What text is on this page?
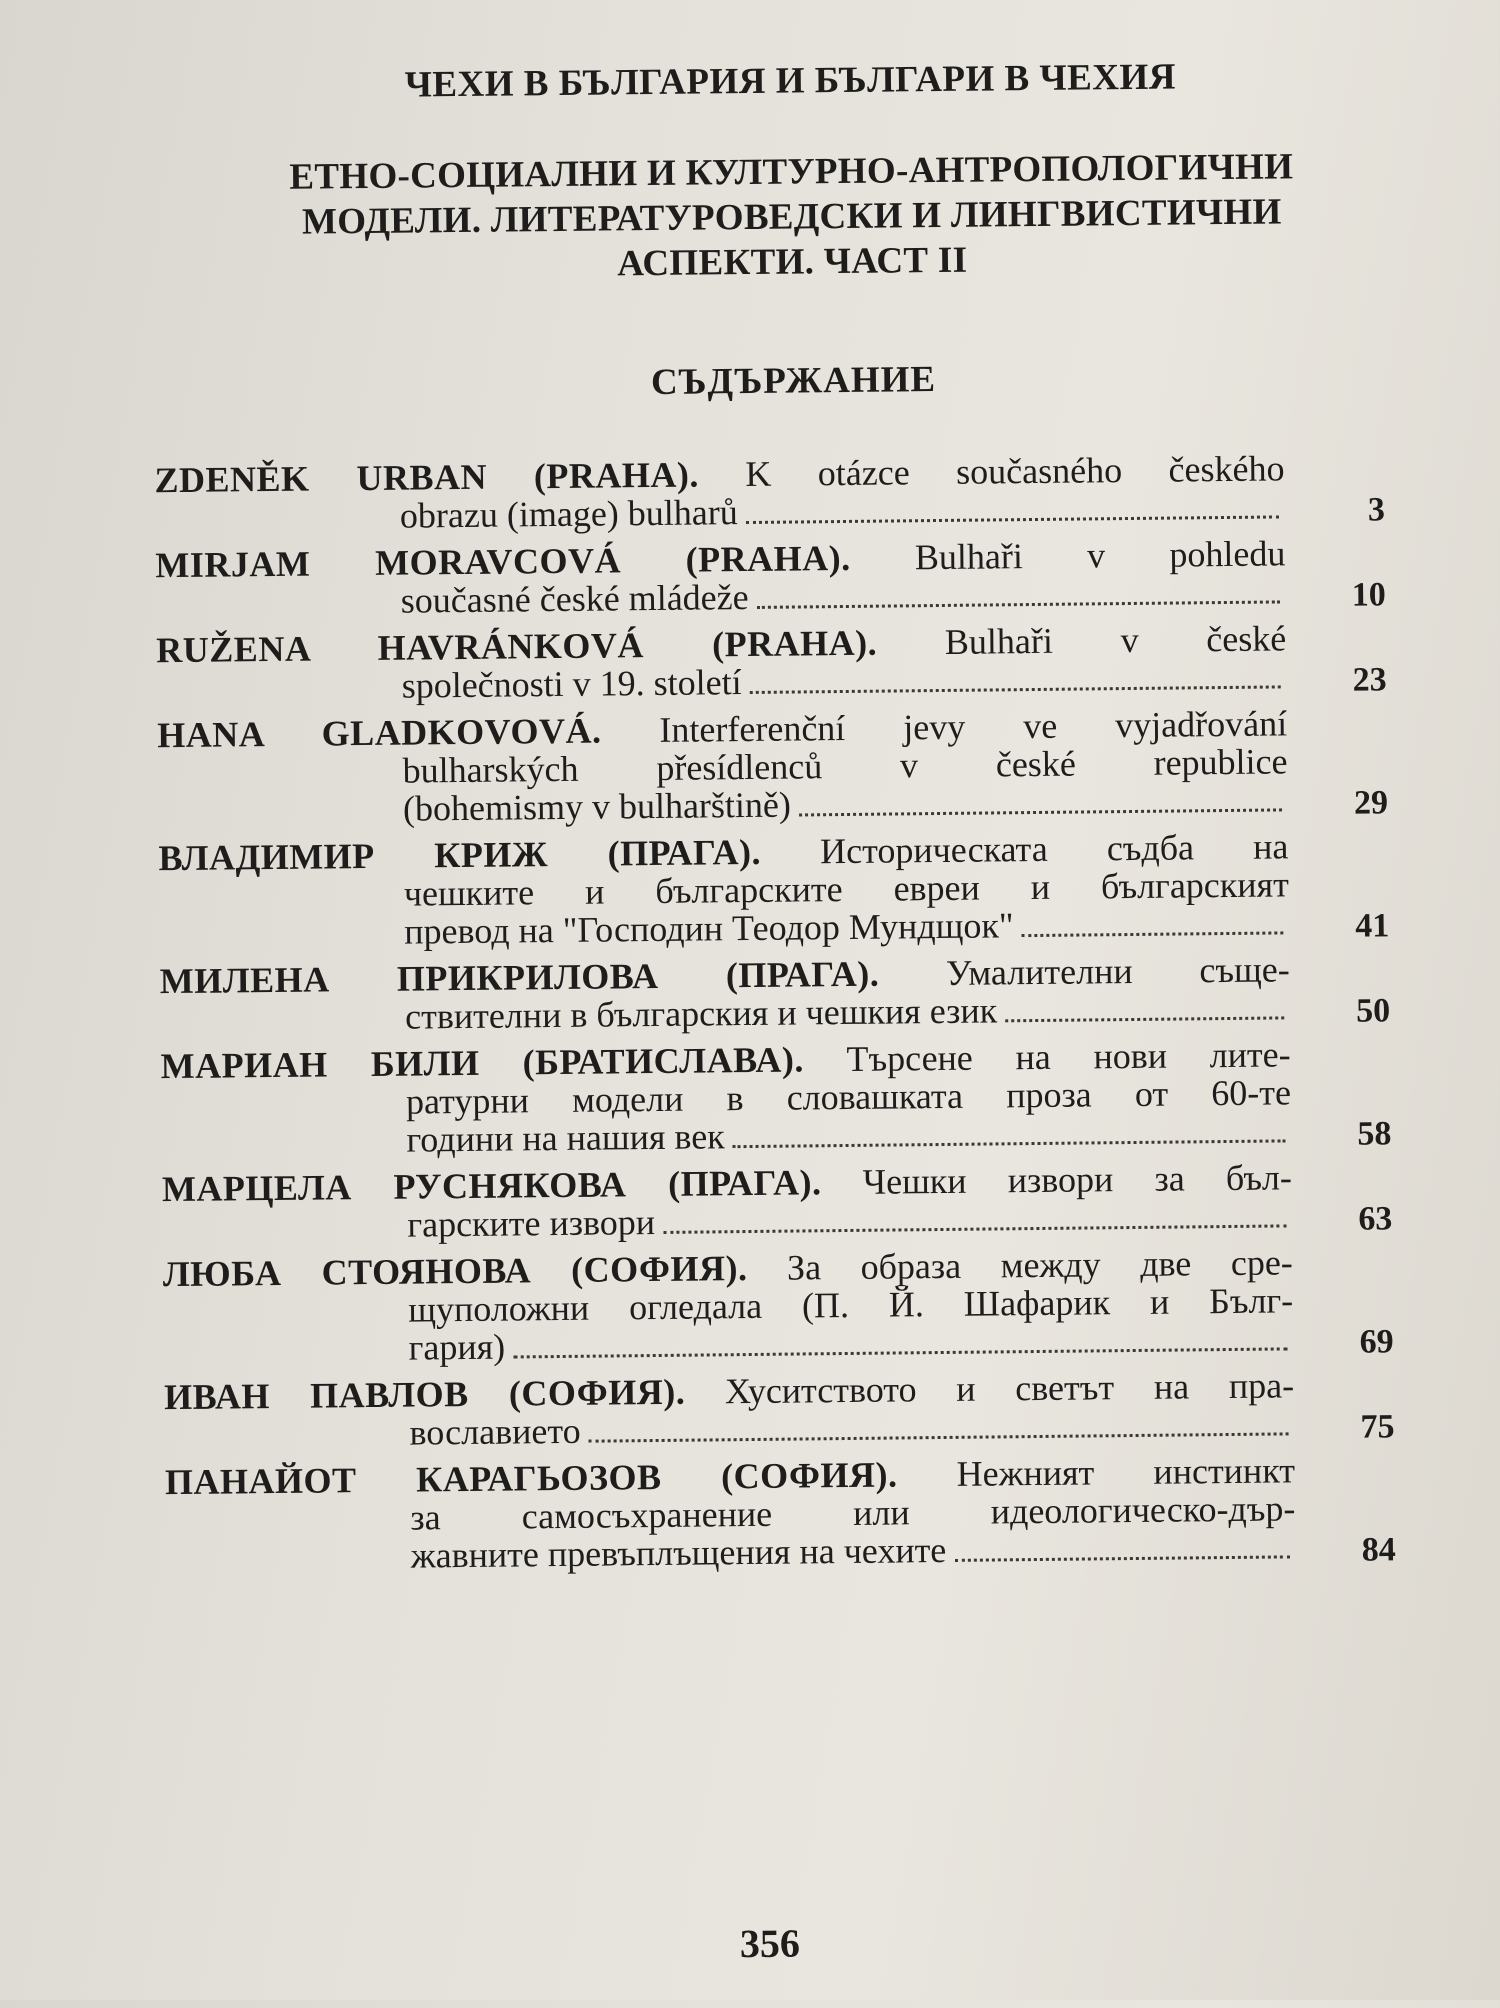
ЧЕХИ В БЪЛГАРИЯ И БЪЛГАРИ В ЧЕХИЯ
ЕТНО-СОЦИАЛНИ И КУЛТУРНО-АНТРОПОЛОГИЧНИ
МОДЕЛИ. ЛИТЕРАТУРОВЕДСКИ И ЛИНГВИСТИЧНИ
АСПЕКТИ. ЧАСТ II
СЪДЪРЖАНИЕ
ZDENĚK URBAN (PRAHA). K otázce současného českého
obrazu (image) bulharů	3
MIRJAM MORAVCOVÁ (PRAHA). Bulhaři v pohledu
současné české mládeže	10
RUŽENA HAVRÁNKOVÁ (PRAHA). Bulhaři v české
společnosti v 19. století	23
HANA GLADKOVOVÁ. Interferenční jevy ve vyjadřování
bulharských přesídlenců v české republice
(bohemismy v bulharštině)	29
ВЛАДИМИР КРИЖ (ПРАГА). Историческата съдба на
чешките и българските евреи и българският
превод на "Господин Теодор Мундщок"	41
МИЛЕНА ПРИКРИЛОВА (ПРАГА). Умалителни съще-
ствителни в българския и чешкия език	50
МАРИАН БИЛИ (БРАТИСЛАВА). Търсене на нови лите-
ратурни модели в словашката проза от 60-те
години на нашия век	58
МАРЦЕЛА РУСНЯКОВА (ПРАГА). Чешки извори за бъл-
гарските извори	63
ЛЮБА СТОЯНОВА (СОФИЯ). За образа между две сре-
щуположни огледала (П. Й. Шафарик и Бълг-
гария)	69
ИВАН ПАВЛОВ (СОФИЯ). Хуситството и светът на пра-
вославието	75
ПАНАЙОТ КАРАГЬОЗОВ (СОФИЯ). Нежният инстинкт
за самосъхранение или идеологическо-дър-
жавните превъплъщения на чехите	84
356
